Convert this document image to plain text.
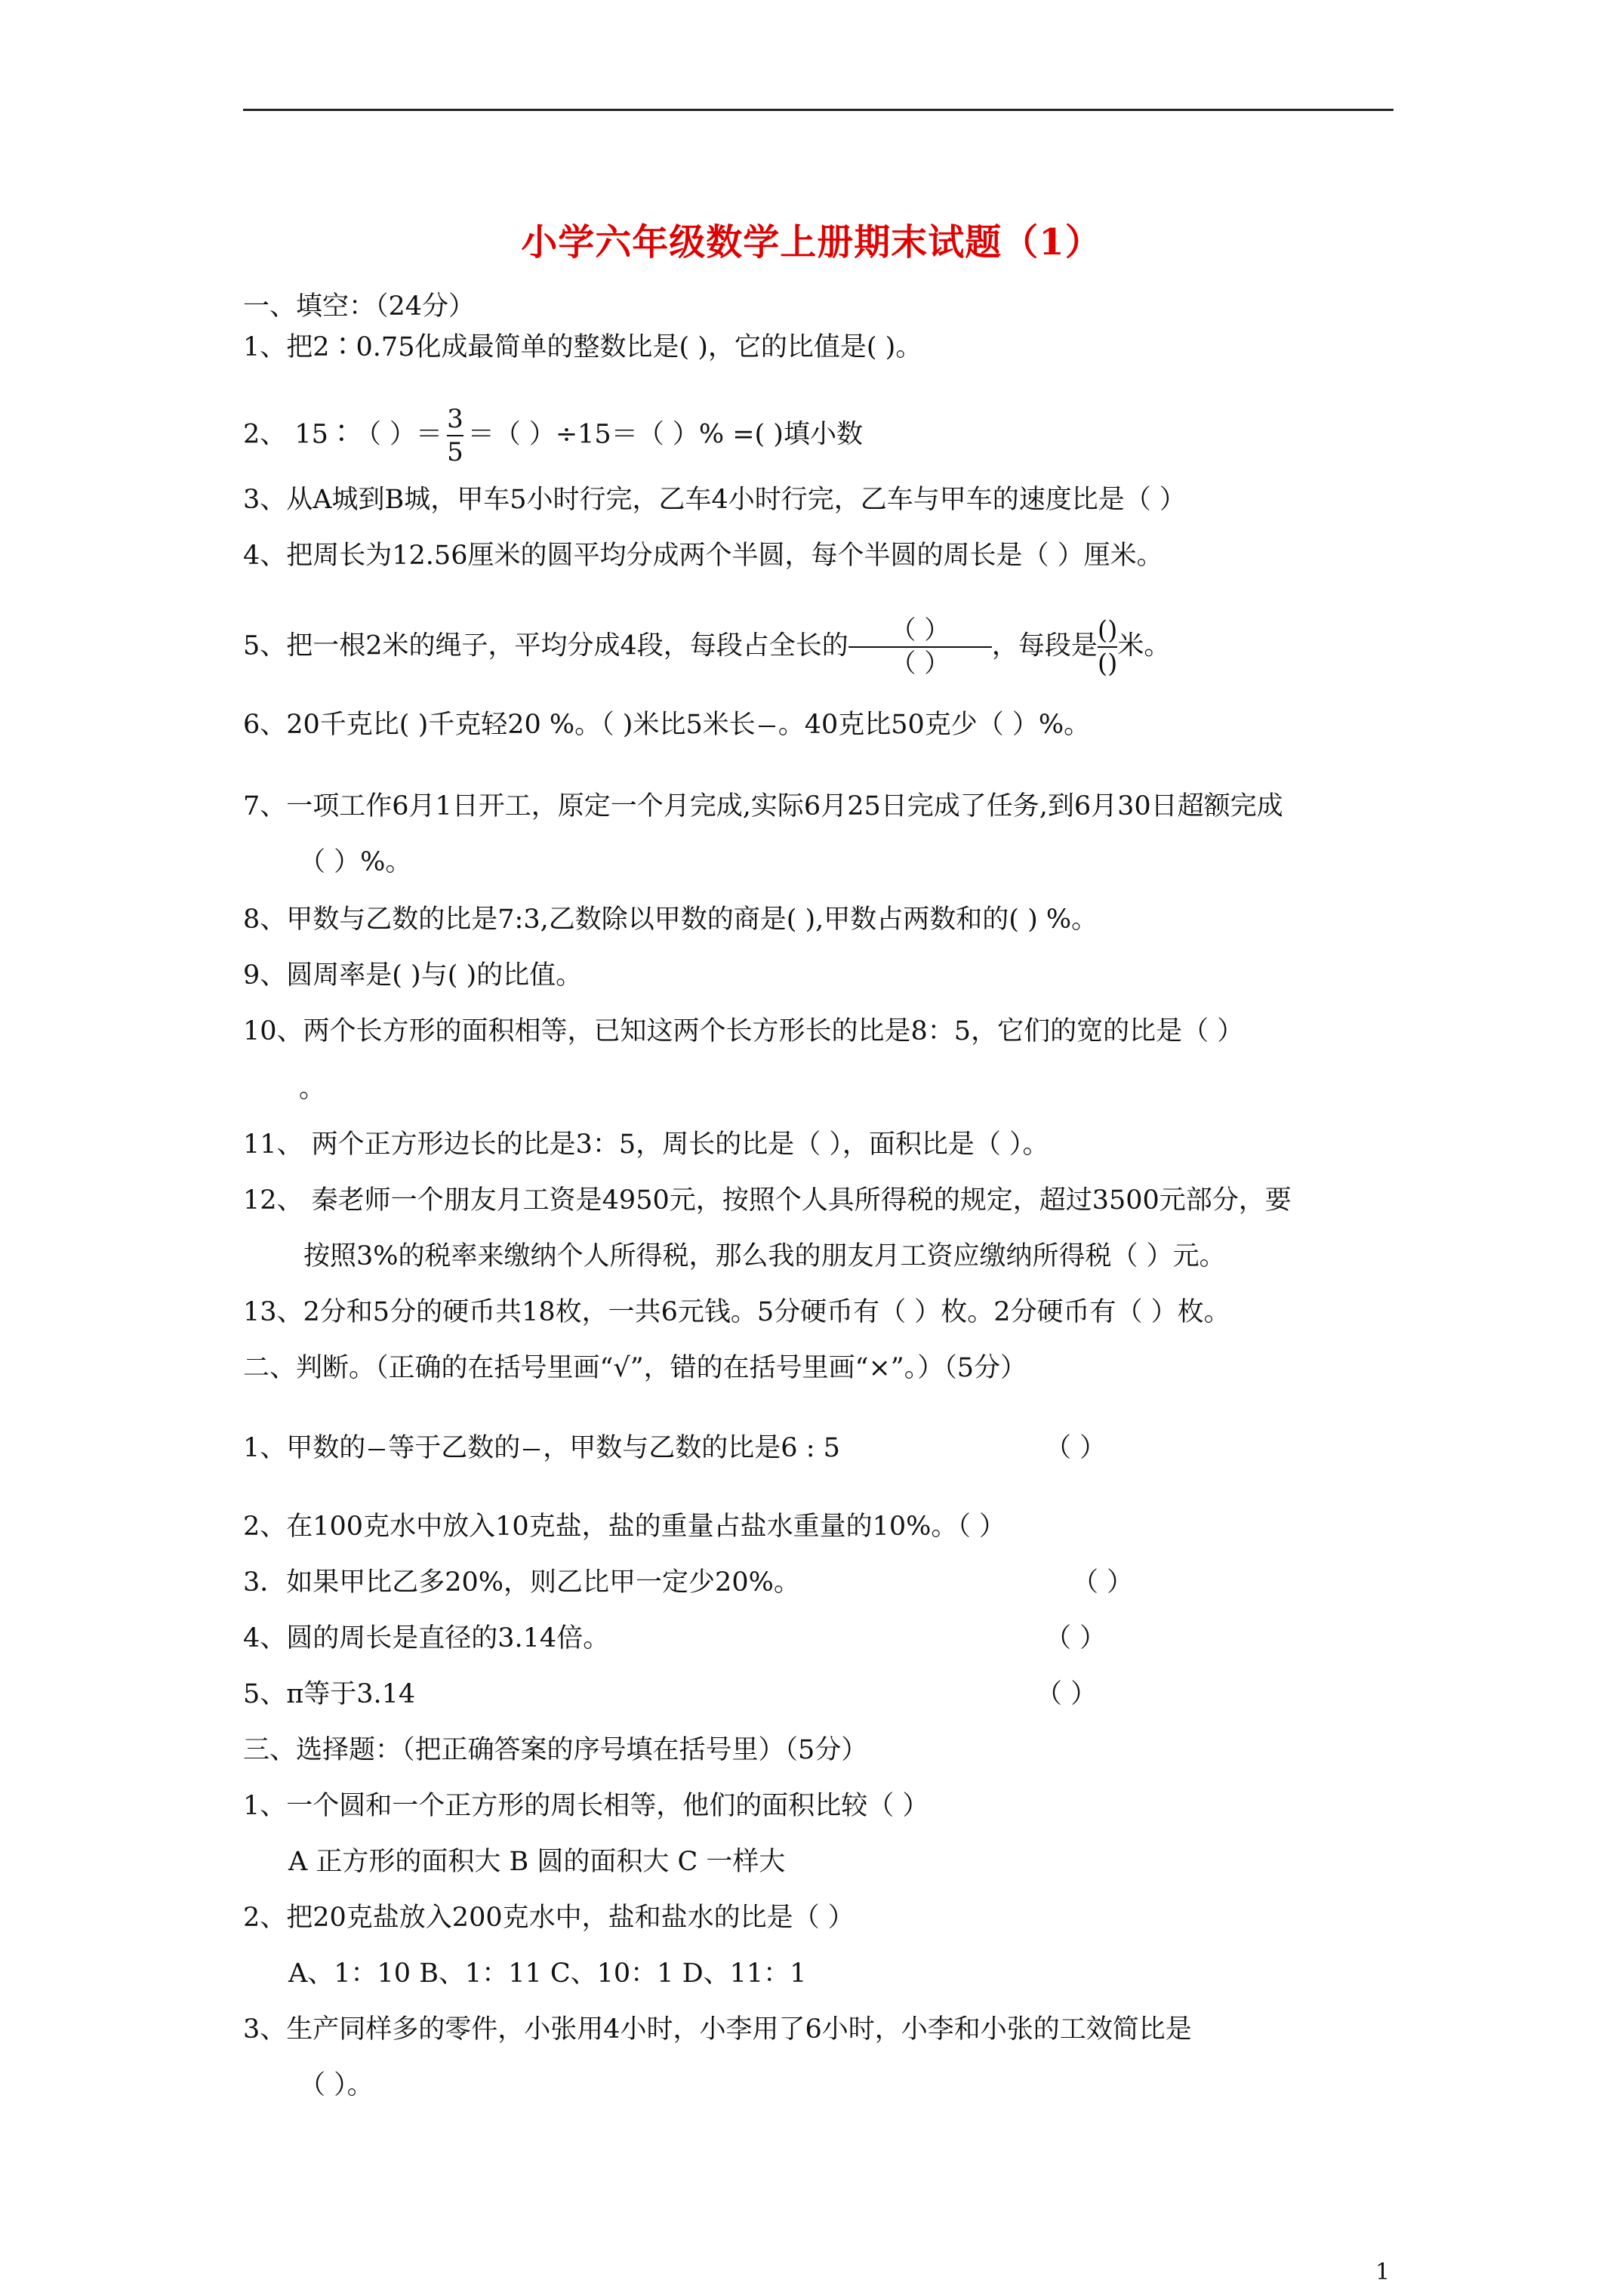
小学六年级数学上册期末试题（1）
一、填空：（24分）
1、把2∶0.75化成最简单的整数比是( )，它的比值是( )。
2、 15∶（ ）＝ $\frac{3}{5}$ ＝（ ）÷15＝（ ）% =( )填小数
3、从A城到B城，甲车5小时行完，乙车4小时行完，乙车与甲车的速度比是（ ）
4、把周长为12.56厘米的圆平均分成两个半圆，每个半圆的周长是（ ）厘米。
5、把一根2米的绳子，平均分成4段，每段占全长的 $\frac{( )}{( )}$ ，每段是 $\frac{()}{()}$ 米。
6、20千克比( )千克轻20 %。（ )米比5米长 。40克比50克少（ ）%。
7、一项工作6月1日开工，原定一个月完成,实际6月25日完成了任务,到6月30日超额完成
（ ）%。
8、甲数与乙数的比是7:3,乙数除以甲数的商是( ),甲数占两数和的( ) %。
9、圆周率是( )与( )的比值。
10、两个长方形的面积相等，已知这两个长方形长的比是8：5，它们的宽的比是（ ）
。
11、 两个正方形边长的比是3：5，周长的比是（ ），面积比是（ ）。
12、 秦老师一个朋友月工资是4950元，按照个人具所得税的规定，超过3500元部分，要
按照3%的税率来缴纳个人所得税，那么我的朋友月工资应缴纳所得税（ ）元。
13、2分和5分的硬币共18枚，一共6元钱。5分硬币有（ ）枚。2分硬币有（ ）枚。
二、判断。（正确的在括号里画“√”，错的在括号里画“×”。）（5分）
1、甲数的 等于乙数的 ，甲数与乙数的比是6 : 5	（ ）
2、在100克水中放入10克盐，盐的重量占盐水重量的10%。（ ）
3．如果甲比乙多20%，则乙比甲一定少20%。	（ ）
4、圆的周长是直径的3.14倍。	（ ）
5、π等于3.14	（ ）
三、选择题：（把正确答案的序号填在括号里）（5分）
1、一个圆和一个正方形的周长相等，他们的面积比较（ ）
A 正方形的面积大 B 圆的面积大 C 一样大
2、把20克盐放入200克水中，盐和盐水的比是（ ）
A、1：10 B、1：11 C、10：1 D、11：1
3、生产同样多的零件，小张用4小时，小李用了6小时，小李和小张的工效简比是
（ ）。
1
